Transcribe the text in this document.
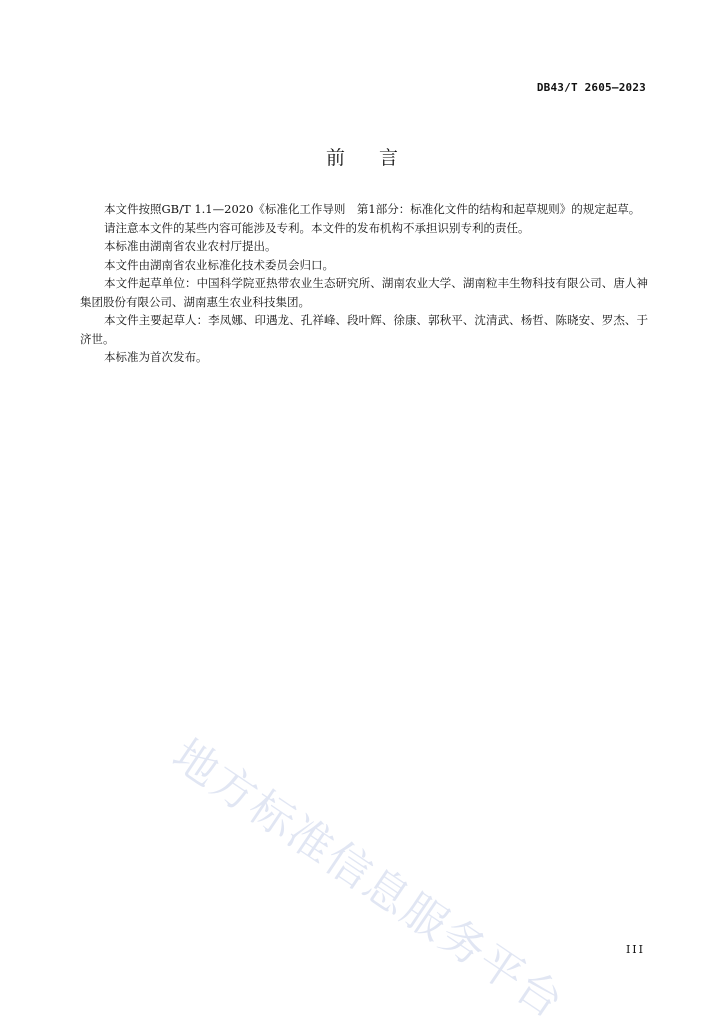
DB43/T 2605—2023
前言

本文件按照GB/T 1.1—2020《标准化工作导则　第1部分：标准化文件的结构和起草规则》的规定起草。

请注意本文件的某些内容可能涉及专利。本文件的发布机构不承担识别专利的责任。

本标准由湖南省农业农村厅提出。

本文件由湖南省农业标准化技术委员会归口。

本文件起草单位：中国科学院亚热带农业生态研究所、湖南农业大学、湖南粒丰生物科技有限公司、唐人神集团股份有限公司、湖南惠生农业科技集团。

本文件主要起草人：李凤娜、印遇龙、孔祥峰、段叶辉、徐康、郭秋平、沈清武、杨哲、陈晓安、罗杰、于济世。

本标准为首次发布。

地方标准信息服务平台	III
